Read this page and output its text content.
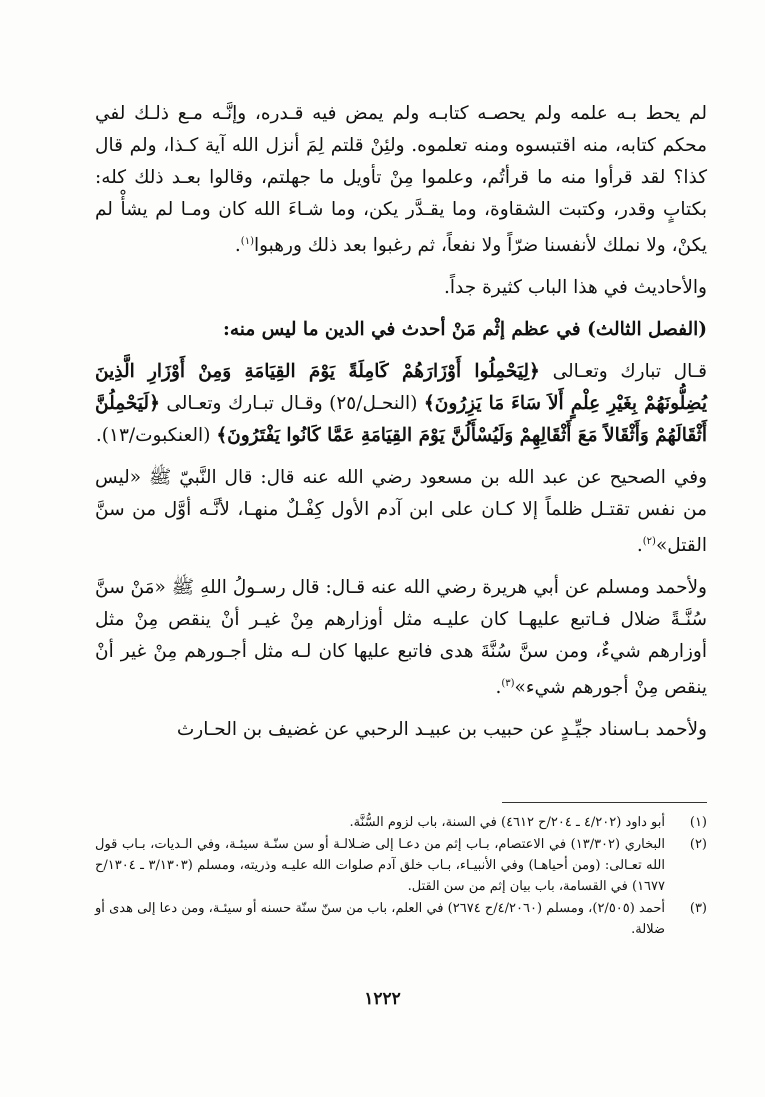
لم يحط بـه علمه ولم يحصـه كتابـه ولم يمض فيه قـدره، وإنَّـه مـع ذلـك لفي محكم كتابه، منه اقتبسوه ومنه تعلموه. ولئِنْ قلتم لِمَ أنزل الله آية كـذا، ولم قال كذا؟ لقد قرأوا منه ما قرأتُم، وعلموا مِنْ تأويل ما جهلتم، وقالوا بعـد ذلك كله: بكتابٍ وقدر، وكتبت الشقاوة، وما يقـدَّر يكن، وما شـاءَ الله كان ومـا لم يشأْ لم يكنْ، ولا نملك لأنفسنا ضرّاً ولا نفعاً، ثم رغبوا بعد ذلك ورهبوا$^{(١)}$.

والأحاديث في هذا الباب كثيرة جداً.

(الفصل الثالث) في عظم إثْم مَنْ أحدث في الدين ما ليس منه:

قـال تبارك وتعـالى ﴿لِيَحْمِلُوا أَوْزَارَهُمْ كَامِلَةً يَوْمَ القِيَامَةِ وَمِنْ أَوْزَارِ الَّذِينَ يُضِلُّونَهُمْ بِغَيْرِ عِلْمٍ أَلاَ سَاءَ مَا يَزِرُونَ﴾ (النحـل/٢٥) وقـال تبـارك وتعـالى ﴿لَيَحْمِلُنَّ أَثْقَالَهُمْ وَأَثْقَالاً مَعَ أَثْقَالِهِمْ وَلَيُسْأَلُنَّ يَوْمَ القِيَامَةِ عَمَّا كَانُوا يَفْتَرُونَ﴾ (العنكبوت/١٣).

وفي الصحيح عن عبد الله بن مسعود رضي الله عنه قال: قال النَّبيّ ﷺ «ليس من نفس تقتـل ظلماً إلا كـان على ابن آدم الأول كِفْـلٌ منهـا، لأنَّـه أوَّل من سنَّ القتل»$^{(٢)}$.

ولأحمد ومسلم عن أبي هريرة رضي الله عنه قـال: قال رسـولُ اللهِ ﷺ «مَنْ سنَّ سُنَّـةً ضلال فـاتبع عليهـا كان عليـه مثل أوزارهم مِنْ غيـر أنْ ينقص مِنْ مثل أوزارهم شيءٌ، ومن سنَّ سُنَّةَ هدى فاتبع عليها كان لـه مثل أجـورهم مِنْ غير أنْ ينقص مِنْ أجورهم شيء»$^{(٣)}$.

ولأحمد بـاسناد جيِّـدٍ عن حبيب بن عبيـد الرحبي عن غضيف بن الحـارث

(١)
أبو داود (٤/٢٠٢ ـ ٢٠٤/ح ٤٦١٢) في السنة، باب لزوم السُّنَّة.
(٢)
البخاري (١٣/٣٠٢) في الاعتصام، بـاب إثم من دعـا إلى ضـلالـة أو سن سنّـة سيئـة، وفي الـديات، بـاب قول الله تعـالى: (ومن أحياهـا) وفي الأنبيـاء، بـاب خلق آدم صلوات الله عليـه وذريته، ومسلم (٣/١٣٠٣ ـ ١٣٠٤/ح ١٦٧٧) في القسامة، باب بيان إثم من سن القتل.
(٣)
أحمد (٢/٥٠٥)، ومسلم (٤/٢٠٦٠/ح ٢٦٧٤) في العلم، باب من سنّ سنّة حسنه أو سيئـة، ومن دعا إلى هدى أو ضلالة.
١٢٢٢
